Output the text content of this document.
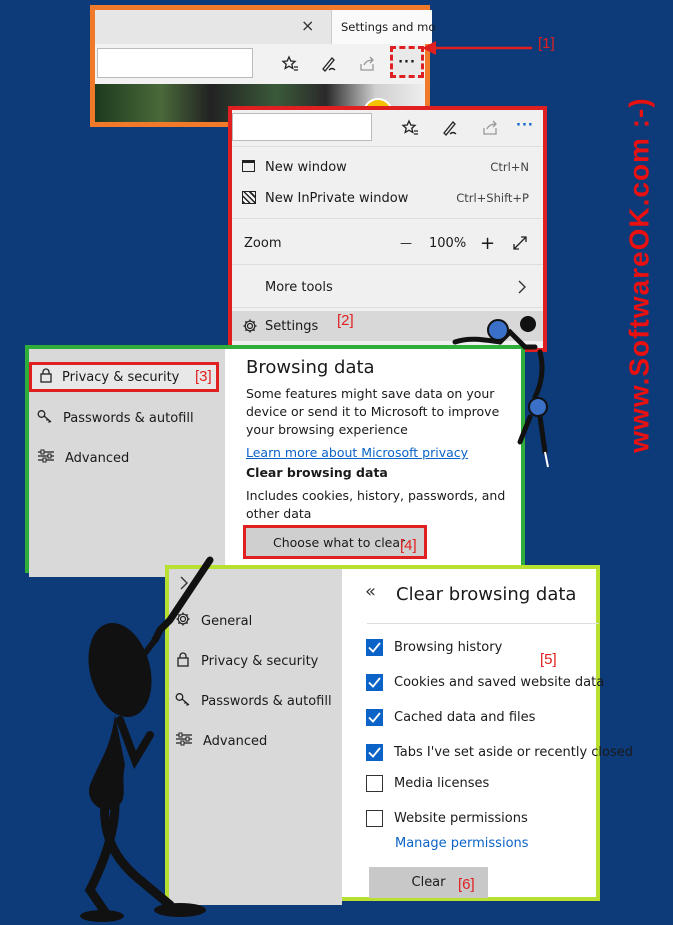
www.SoftwareOK.com :-)
× Settings and mo
···
[1]
···
New window	Ctrl+N
New InPrivate window	Ctrl+Shift+P
Zoom	— 100% +
More tools
Settings [2]
Privacy & security [3]
Passwords & autofill
Advanced
Browsing data
Some features might save data on your device or send it to Microsoft to improve your browsing experience
Learn more about Microsoft privacy
Clear browsing data
Includes cookies, history, passwords, and other data
Choose what to clear
[4]
General
Privacy & security
Passwords & autofill
Advanced
« Clear browsing data
Browsing history
Cookies and saved website data
Cached data and files
Tabs I've set aside or recently closed
Media licenses
Website permissions
Manage permissions
Clear
[5]
[6]
